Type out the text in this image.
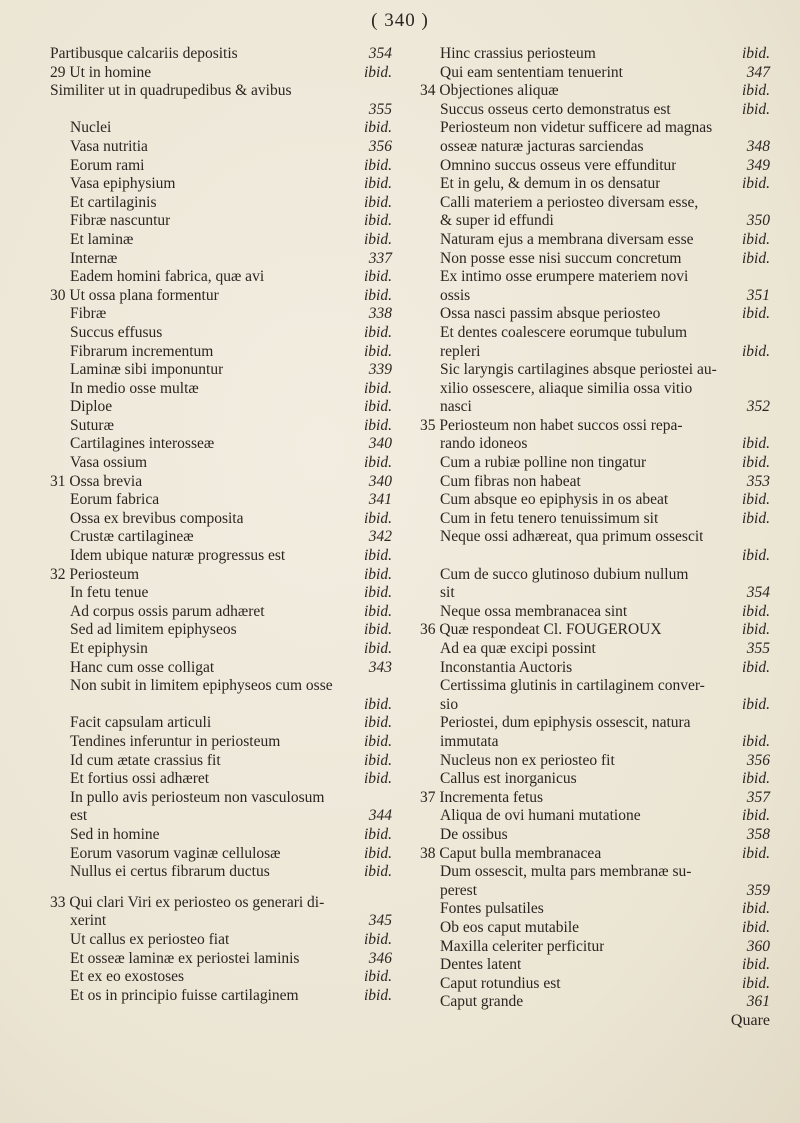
( 340 )
Partibusque calcariis depositis	354
29 Ut in homine	ibid.
Similiter ut in quadrupedibus & avibus
355
Nuclei	ibid.
Vasa nutritia	356
Eorum rami	ibid.
Vasa epiphysium	ibid.
Et cartilaginis	ibid.
Fibræ nascuntur	ibid.
Et laminæ	ibid.
Internæ	337
Eadem homini fabrica, quæ avi	ibid.
30 Ut ossa plana formentur	ibid.
Fibræ	338
Succus effusus	ibid.
Fibrarum incrementum	ibid.
Laminæ sibi imponuntur	339
In medio osse multæ	ibid.
Diploe	ibid.
Suturæ	ibid.
Cartilagines interosseæ	340
Vasa ossium	ibid.
31 Ossa brevia	340
Eorum fabrica	341
Ossa ex brevibus composita	ibid.
Crustæ cartilagineæ	342
Idem ubique naturæ progressus est	ibid.
32 Periosteum	ibid.
In fetu tenue	ibid.
Ad corpus ossis parum adhæret	ibid.
Sed ad limitem epiphyseos	ibid.
Et epiphysin	ibid.
Hanc cum osse colligat	343
Non subit in limitem epiphyseos cum osse
ibid.
Facit capsulam articuli	ibid.
Tendines inferuntur in periosteum	ibid.
Id cum ætate crassius fit	ibid.
Et fortius ossi adhæret	ibid.
In pullo avis periosteum non vasculosum
est	344
Sed in homine	ibid.
Eorum vasorum vaginæ cellulosæ	ibid.
Nullus ei certus fibrarum ductus	ibid.
33 Qui clari Viri ex periosteo os generari di-
xerint	345
Ut callus ex periosteo fiat	ibid.
Et osseæ laminæ ex periostei laminis	346
Et ex eo exostoses	ibid.
Et os in principio fuisse cartilaginem	ibid.
Hinc crassius periosteum	ibid.
Qui eam sententiam tenuerint	347
34 Objectiones aliquæ	ibid.
Succus osseus certo demonstratus est	ibid.
Periosteum non videtur sufficere ad magnas
osseæ naturæ jacturas sarciendas	348
Omnino succus osseus vere effunditur	349
Et in gelu, & demum in os densatur	ibid.
Calli materiem a periosteo diversam esse,
& super id effundi	350
Naturam ejus a membrana diversam esse	ibid.
Non posse esse nisi succum concretum	ibid.
Ex intimo osse erumpere materiem novi
ossis	351
Ossa nasci passim absque periosteo	ibid.
Et dentes coalescere eorumque tubulum
repleri	ibid.
Sic laryngis cartilagines absque periostei au-
xilio ossescere, aliaque similia ossa vitio
nasci	352
35 Periosteum non habet succos ossi repa-
rando idoneos	ibid.
Cum a rubiæ polline non tingatur	ibid.
Cum fibras non habeat	353
Cum absque eo epiphysis in os abeat	ibid.
Cum in fetu tenero tenuissimum sit	ibid.
Neque ossi adhæreat, qua primum ossescit
ibid.
Cum de succo glutinoso dubium nullum
sit	354
Neque ossa membranacea sint	ibid.
36 Quæ respondeat Cl. FOUGEROUX	ibid.
Ad ea quæ excipi possint	355
Inconstantia Auctoris	ibid.
Certissima glutinis in cartilaginem conver-
sio	ibid.
Periostei, dum epiphysis ossescit, natura
immutata	ibid.
Nucleus non ex periosteo fit	356
Callus est inorganicus	ibid.
37 Incrementa fetus	357
Aliqua de ovi humani mutatione	ibid.
De ossibus	358
38 Caput bulla membranacea	ibid.
Dum ossescit, multa pars membranæ su-
perest	359
Fontes pulsatiles	ibid.
Ob eos caput mutabile	ibid.
Maxilla celeriter perficitur	360
Dentes latent	ibid.
Caput rotundius est	ibid.
Caput grande	361
Quare
